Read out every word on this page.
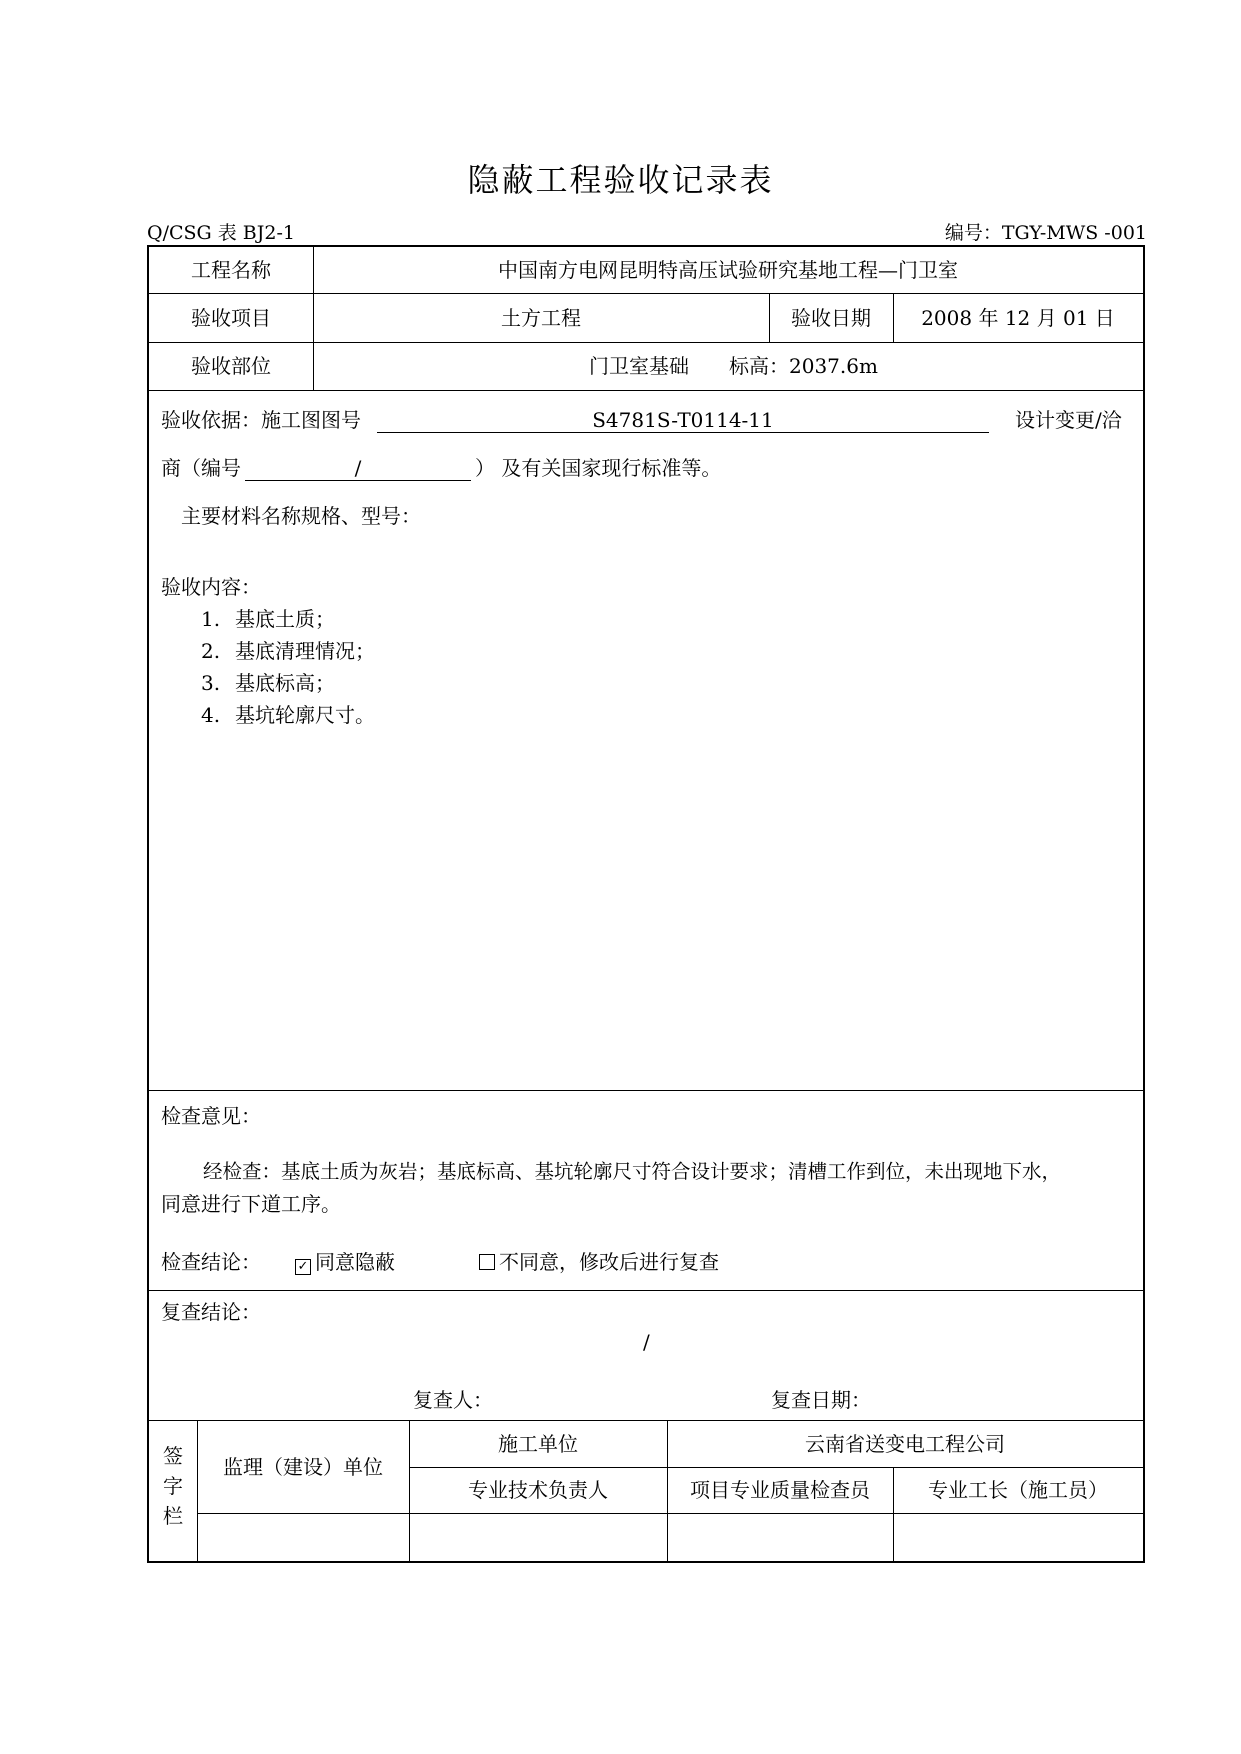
隐蔽工程验收记录表
Q/CSG 表 BJ2-1	编号：TGY-MWS -001
工程名称	中国南方电网昆明特高压试验研究基地工程—门卫室
验收项目	土方工程	验收日期	2008 年 12 月 01 日
验收部位	门卫室基础 标高：2037.6m
验收依据：施工图图号	S4781S-T0114-11	设计变更/洽
商（编号	/	） 及有关国家现行标准等。
主要材料名称规格、型号：
验收内容：
1. 基底土质；
2. 基底清理情况；
3. 基底标高；
4. 基坑轮廓尺寸。
检查意见：
经检查：基底土质为灰岩；基底标高、基坑轮廓尺寸符合设计要求；清槽工作到位，未出现地下水，
同意进行下道工序。
检查结论：	✓ 同意隐蔽	不同意，修改后进行复查
复查结论：
/
复查人：	复查日期：
签
字
栏
监理（建设）单位
施工单位	云南省送变电工程公司
专业技术负责人	项目专业质量检查员	专业工长（施工员）
